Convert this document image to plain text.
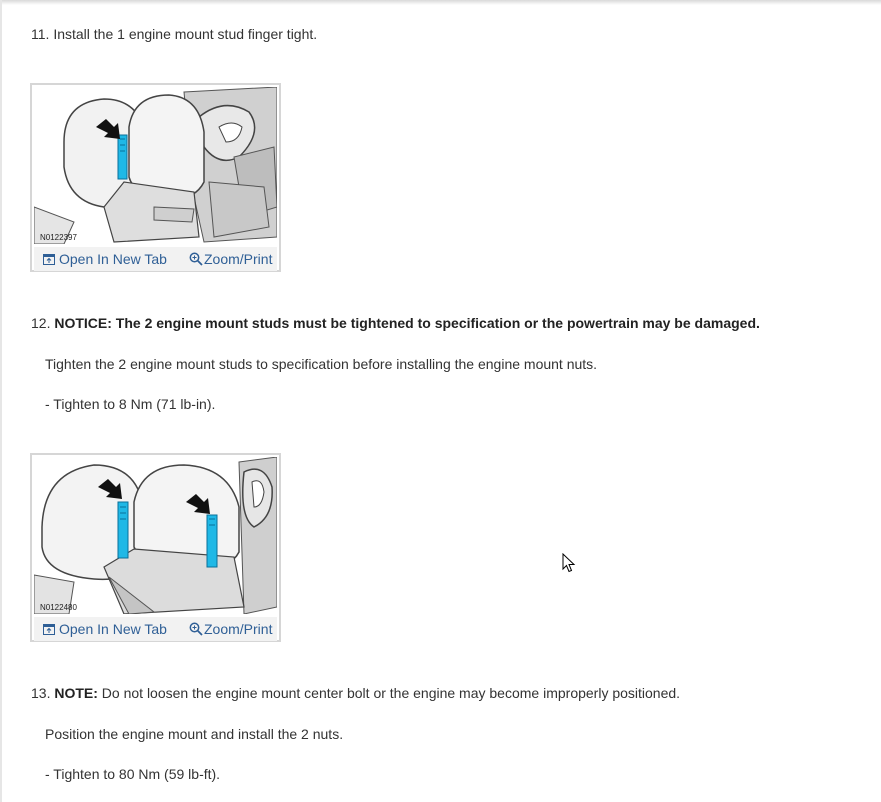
11. Install the 1 engine mount stud finger tight.
N0122397
Open In New Tab	Zoom/Print
12. NOTICE: The 2 engine mount studs must be tightened to specification or the powertrain may be damaged.
Tighten the 2 engine mount studs to specification before installing the engine mount nuts.
- Tighten to 8 Nm (71 lb-in).
N0122480
Open In New Tab	Zoom/Print
13. NOTE: Do not loosen the engine mount center bolt or the engine may become improperly positioned.
Position the engine mount and install the 2 nuts.
- Tighten to 80 Nm (59 lb-ft).
